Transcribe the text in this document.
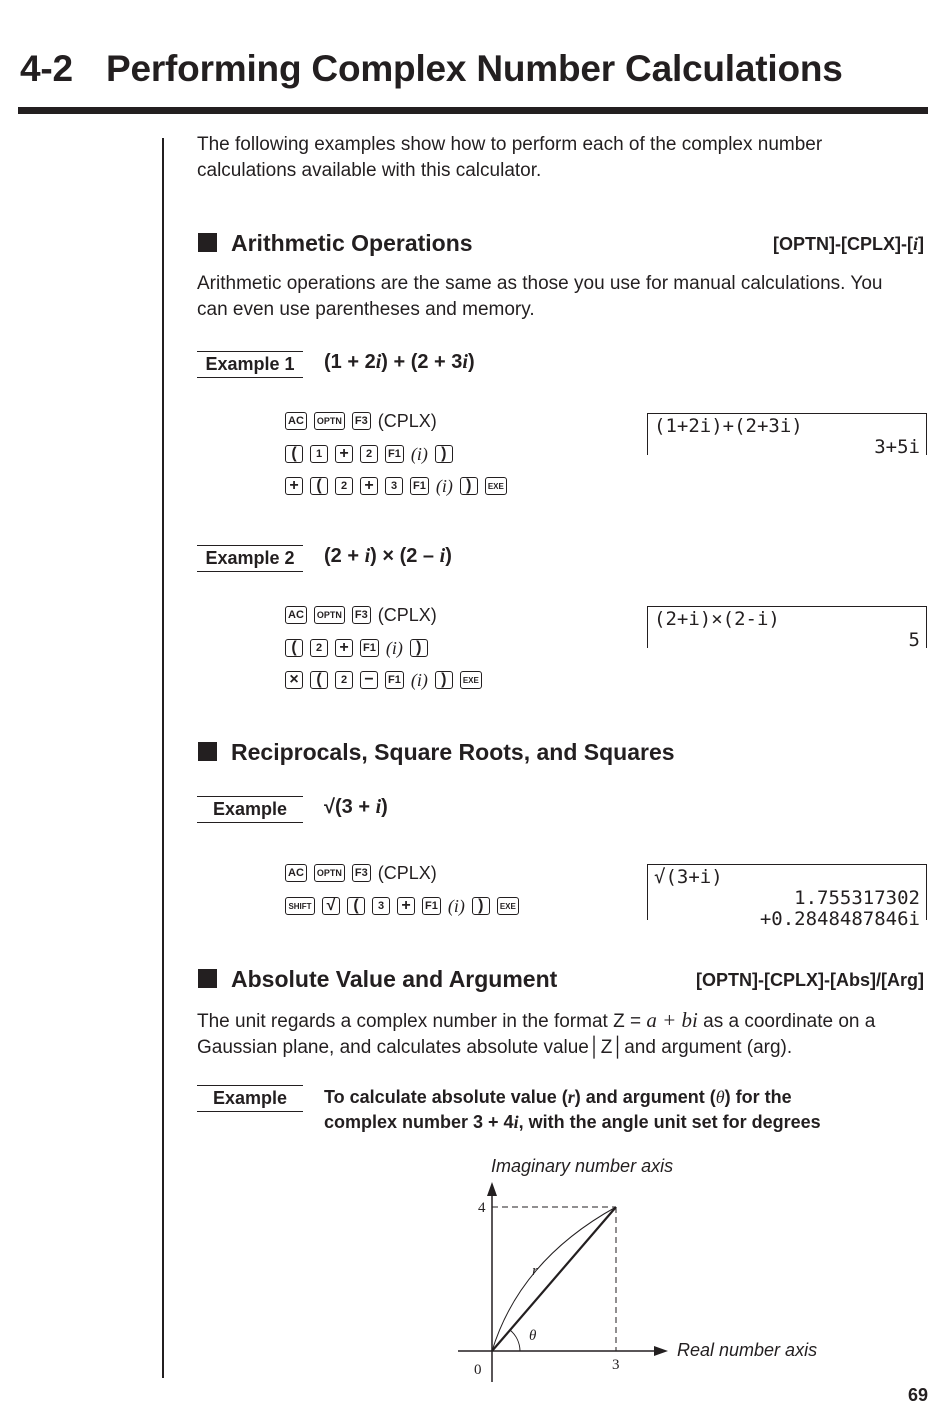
4-2 Performing Complex Number Calculations
The following examples show how to perform each of the complex number
calculations available with this calculator.
Arithmetic Operations	[OPTN]-[CPLX]-[i]
Arithmetic operations are the same as those you use for manual calculations. You
can even use parentheses and memory.
Example 1	(1 + 2i) + (2 + 3i)
AC	OPTN F3 (CPLX)
(	1	+	2	F1 (i) )
+	(	2	+	3	F1 (i) )	EXE
(1+2i)+(2+3i)
3+5i
Example 2	(2 + i) × (2 – i)
AC	OPTN F3 (CPLX)
(	2	+	F1 (i) )
×	(	2	−	F1 (i) )	EXE
(2+i)×(2-i)
5
Reciprocals, Square Roots, and Squares
Example	√(3 + i)
AC	OPTN F3 (CPLX)
SHIFT √	(	3	+	F1 (i) )	EXE
√(3+i)
1.755317302
+0.2848487846i
Absolute Value and Argument	[OPTN]-[CPLX]-[Abs]/[Arg]
The unit regards a complex number in the format Z = a + bi as a coordinate on a
Gaussian plane, and calculates absolute value│Z│and argument (arg).
Example	To calculate absolute value (r) and argument (θ) for the
complex number 3 + 4i, with the angle unit set for degrees
Imaginary number axis
Real number axis
r
θ
0	3
4
69
